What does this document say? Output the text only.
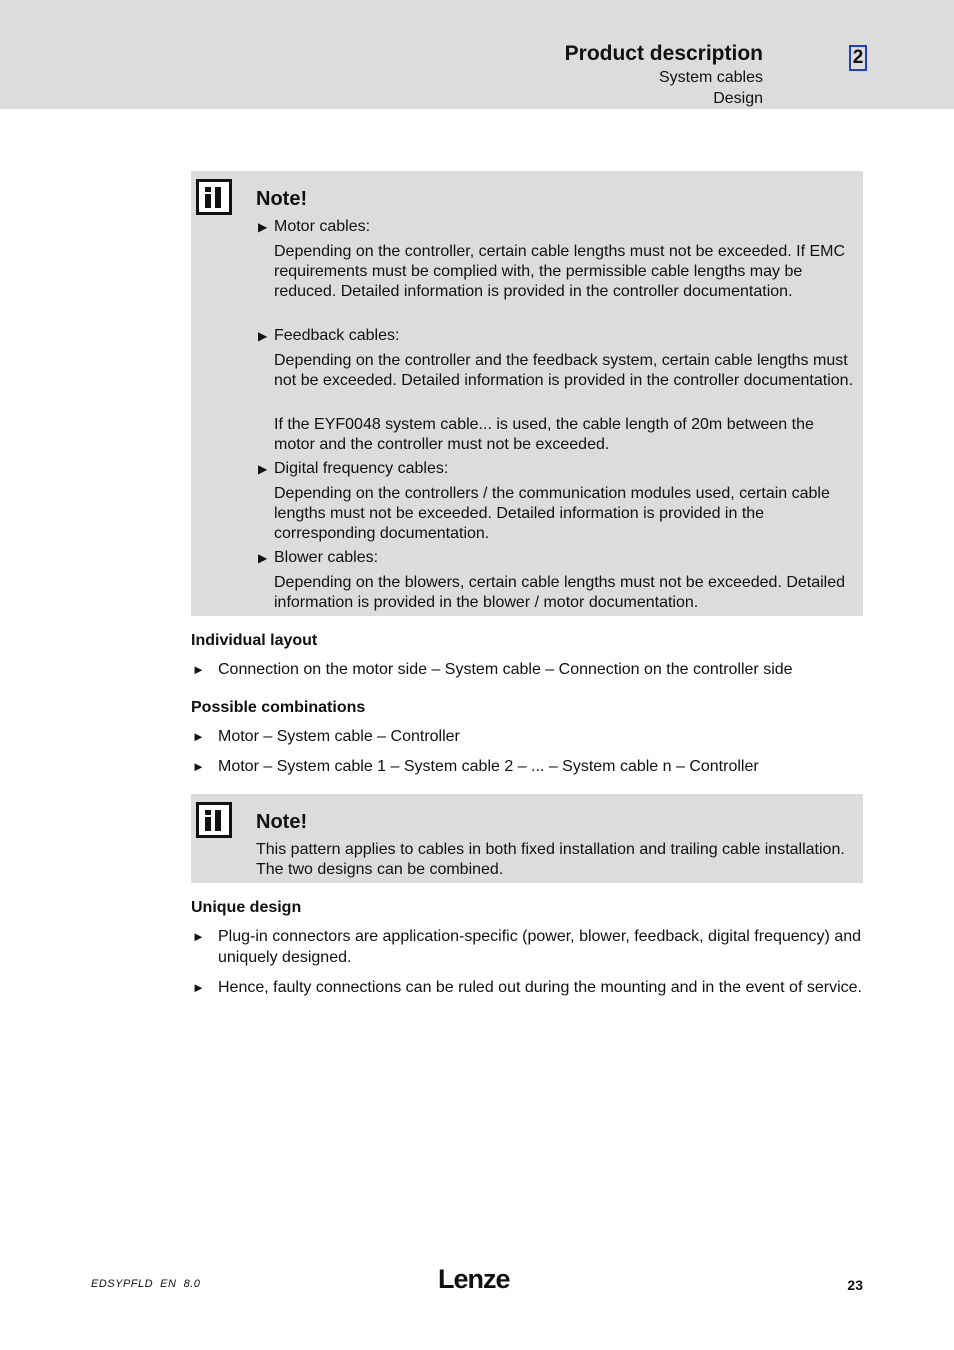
Product description
System cables
Design
2
Note!
▶ Motor cables:
Depending on the controller, certain cable lengths must not be exceeded. If EMC requirements must be complied with, the permissible cable lengths may be reduced. Detailed information is provided in the controller documentation.
▶ Feedback cables:
Depending on the controller and the feedback system, certain cable lengths must not be exceeded. Detailed information is provided in the controller documentation.
If the EYF0048 system cable... is used, the cable length of 20m between the motor and the controller must not be exceeded.
▶ Digital frequency cables:
Depending on the controllers / the communication modules used, certain cable lengths must not be exceeded. Detailed information is provided in the corresponding documentation.
▶ Blower cables:
Depending on the blowers, certain cable lengths must not be exceeded. Detailed information is provided in the blower / motor documentation.
Individual layout
► Connection on the motor side – System cable – Connection on the controller side
Possible combinations
► Motor – System cable – Controller
► Motor – System cable 1 – System cable 2 – ... – System cable n – Controller
Note!
This pattern applies to cables in both fixed installation and trailing cable installation. The two designs can be combined.
Unique design
► Plug-in connectors are application-specific (power, blower, feedback, digital frequency) and uniquely designed.
► Hence, faulty connections can be ruled out during the mounting and in the event of service.
EDSYPFLD  EN  8.0	Lenze	23
